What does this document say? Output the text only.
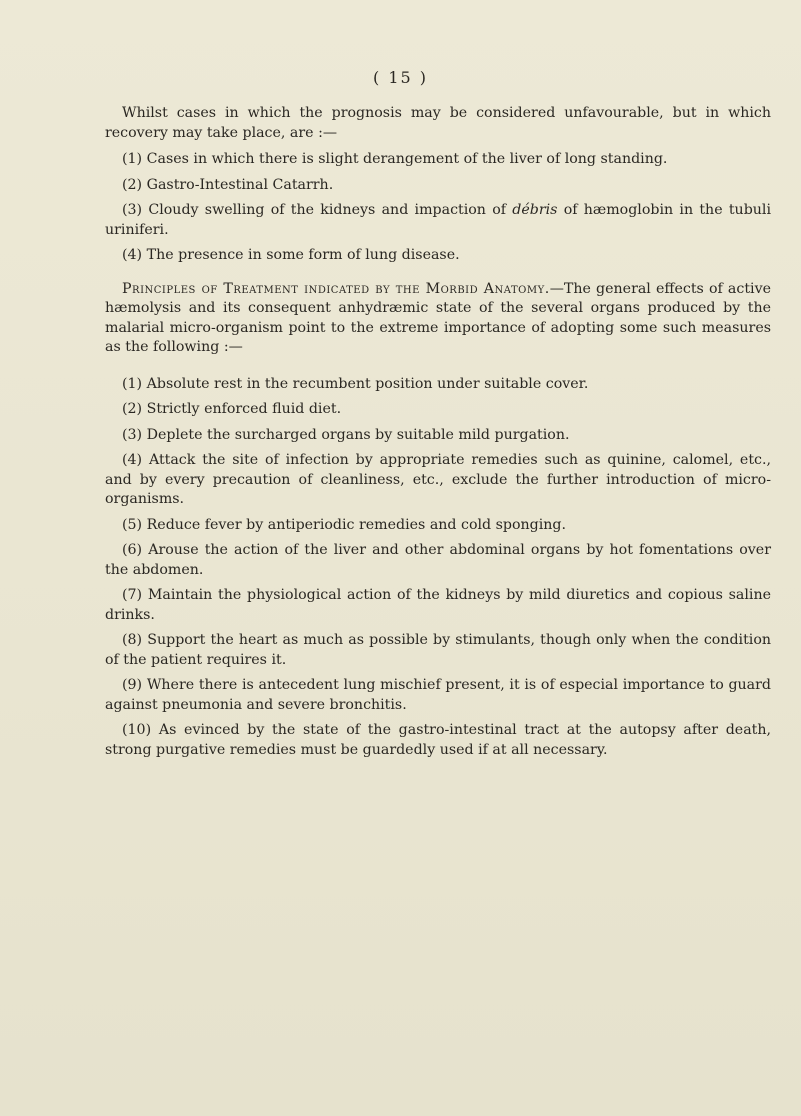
( 15 )

Whilst cases in which the prognosis may be considered unfavourable, but in which recovery may take place, are :—

(1) Cases in which there is slight derangement of the liver of long standing.

(2) Gastro-Intestinal Catarrh.

(3) Cloudy swelling of the kidneys and impaction of débris of hæmoglobin in the tubuli uriniferi.

(4) The presence in some form of lung disease.

Principles of Treatment indicated by the Morbid Anatomy.—The general effects of active hæmolysis and its consequent anhydræmic state of the several organs produced by the malarial micro-organism point to the extreme importance of adopting some such measures as the following :—

(1) Absolute rest in the recumbent position under suitable cover.

(2) Strictly enforced fluid diet.

(3) Deplete the surcharged organs by suitable mild purgation.

(4) Attack the site of infection by appropriate remedies such as quinine, calomel, etc., and by every precaution of cleanliness, etc., exclude the further introduction of micro-organisms.

(5) Reduce fever by antiperiodic remedies and cold sponging.

(6) Arouse the action of the liver and other abdominal organs by hot fomentations over the abdomen.

(7) Maintain the physiological action of the kidneys by mild diuretics and copious saline drinks.

(8) Support the heart as much as possible by stimulants, though only when the condition of the patient requires it.

(9) Where there is antecedent lung mischief present, it is of especial importance to guard against pneumonia and severe bronchitis.

(10) As evinced by the state of the gastro-intestinal tract at the autopsy after death, strong purgative remedies must be guardedly used if at all necessary.
